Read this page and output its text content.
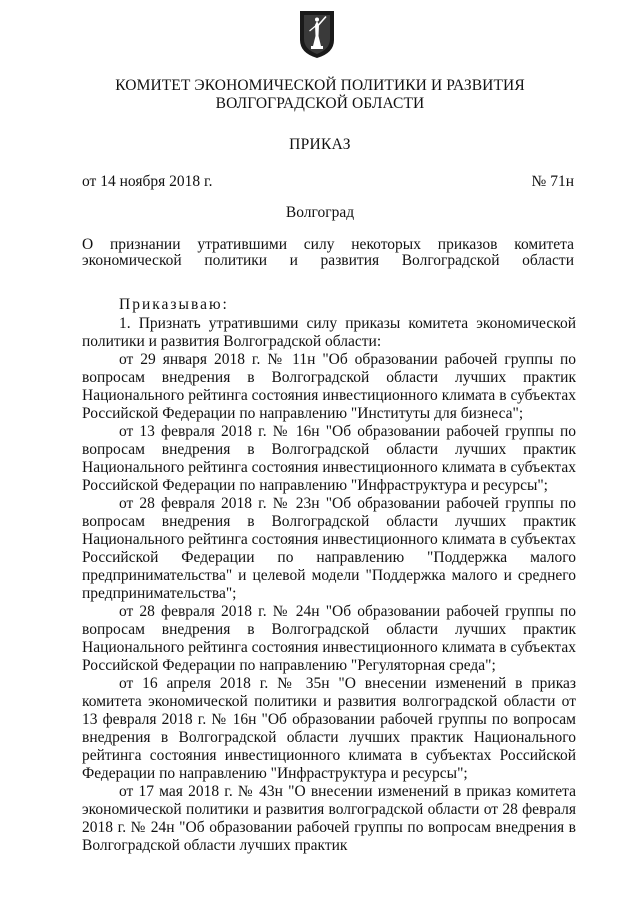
КОМИТЕТ ЭКОНОМИЧЕСКОЙ ПОЛИТИКИ И РАЗВИТИЯ
ВОЛГОГРАДСКОЙ ОБЛАСТИ
ПРИКАЗ
от 14 ноября 2018 г.	№ 71н
Волгоград
О признании утратившими силу некоторых приказов комитета
экономической политики и развития Волгоградской области

Приказываю:

1. Признать утратившими силу приказы комитета экономической политики и развития Волгоградской области:

от 29 января 2018 г. № 11н "Об образовании рабочей группы по вопросам внедрения в Волгоградской области лучших практик Национального рейтинга состояния инвестиционного климата в субъектах Российской Федерации по направлению "Институты для бизнеса";

от 13 февраля 2018 г. № 16н "Об образовании рабочей группы по вопросам внедрения в Волгоградской области лучших практик Национального рейтинга состояния инвестиционного климата в субъектах Российской Федерации по направлению "Инфраструктура и ресурсы";

от 28 февраля 2018 г. № 23н "Об образовании рабочей группы по вопросам внедрения в Волгоградской области лучших практик Национального рейтинга состояния инвестиционного климата в субъектах Российской Федерации по направлению "Поддержка малого предпринимательства" и целевой модели "Поддержка малого и среднего предпринимательства";

от 28 февраля 2018 г. № 24н "Об образовании рабочей группы по вопросам внедрения в Волгоградской области лучших практик Национального рейтинга состояния инвестиционного климата в субъектах Российской Федерации по направлению "Регуляторная среда";

от 16 апреля 2018 г. № 35н "О внесении изменений в приказ комитета экономической политики и развития волгоградской области от 13 февраля 2018 г. № 16н "Об образовании рабочей группы по вопросам внедрения в Волгоградской области лучших практик Национального рейтинга состояния инвестиционного климата в субъектах Российской Федерации по направлению "Инфраструктура и ресурсы";

от 17 мая 2018 г. № 43н "О внесении изменений в приказ комитета экономической политики и развития волгоградской области от 28 февраля 2018 г. № 24н "Об образовании рабочей группы по вопросам внедрения в Волгоградской области лучших практик
